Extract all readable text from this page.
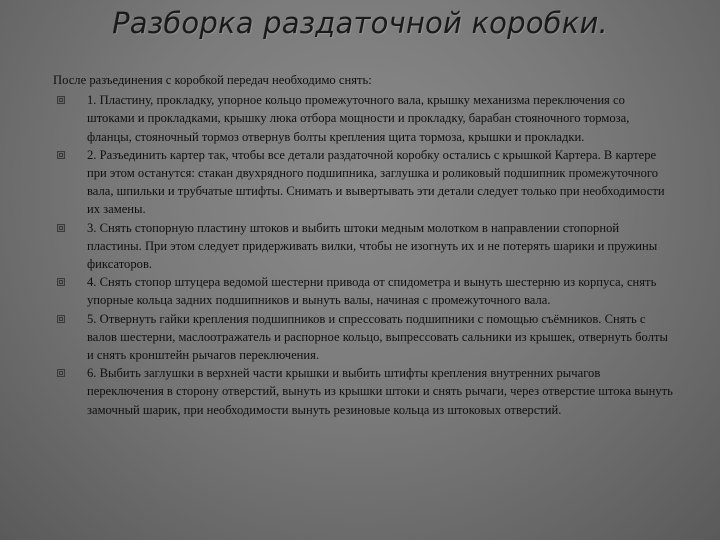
Разборка раздаточной коробки.
После разъединения с коробкой передач необходимо снять:
1. Пластину, прокладку, упорное кольцо промежуточного вала, крышку механизма переключения со штоками и прокладками, крышку люка отбора мощности и прокладку, барабан стояночного тормоза, фланцы, стояночный тормоз отвернув болты крепления щита тормоза, крышки и прокладки.
2. Разъединить картер так, чтобы все детали раздаточной коробку остались с крышкой Картера. В картере при этом останутся: стакан двухрядного подшипника, заглушка и роликовый подшипник промежуточного вала, шпильки и трубчатые штифты. Снимать и вывертывать эти детали следует только при необходимости их замены.
3. Снять стопорную пластину штоков и выбить штоки медным молотком в направлении стопорной пластины. При этом следует придерживать вилки, чтобы не изогнуть их и не потерять шарики и пружины фиксаторов.
4. Снять стопор штуцера ведомой шестерни привода от спидометра и вынуть шестерню из корпуса, снять упорные кольца задних подшипников и вынуть валы, начиная с промежуточного вала.
5. Отвернуть гайки крепления подшипников и спрессовать подшипники с помощью съёмников. Снять с валов шестерни, маслоотражатель и распорное кольцо, выпрессовать сальники из крышек, отвернуть болты и снять кронштейн рычагов переключения.
6. Выбить заглушки в верхней части крышки и выбить штифты крепления внутренних рычагов переключения в сторону отверстий, вынуть из крышки штоки и снять рычаги, через отверстие штока вынуть замочный шарик, при необходимости вынуть резиновые кольца из штоковых отверстий.
